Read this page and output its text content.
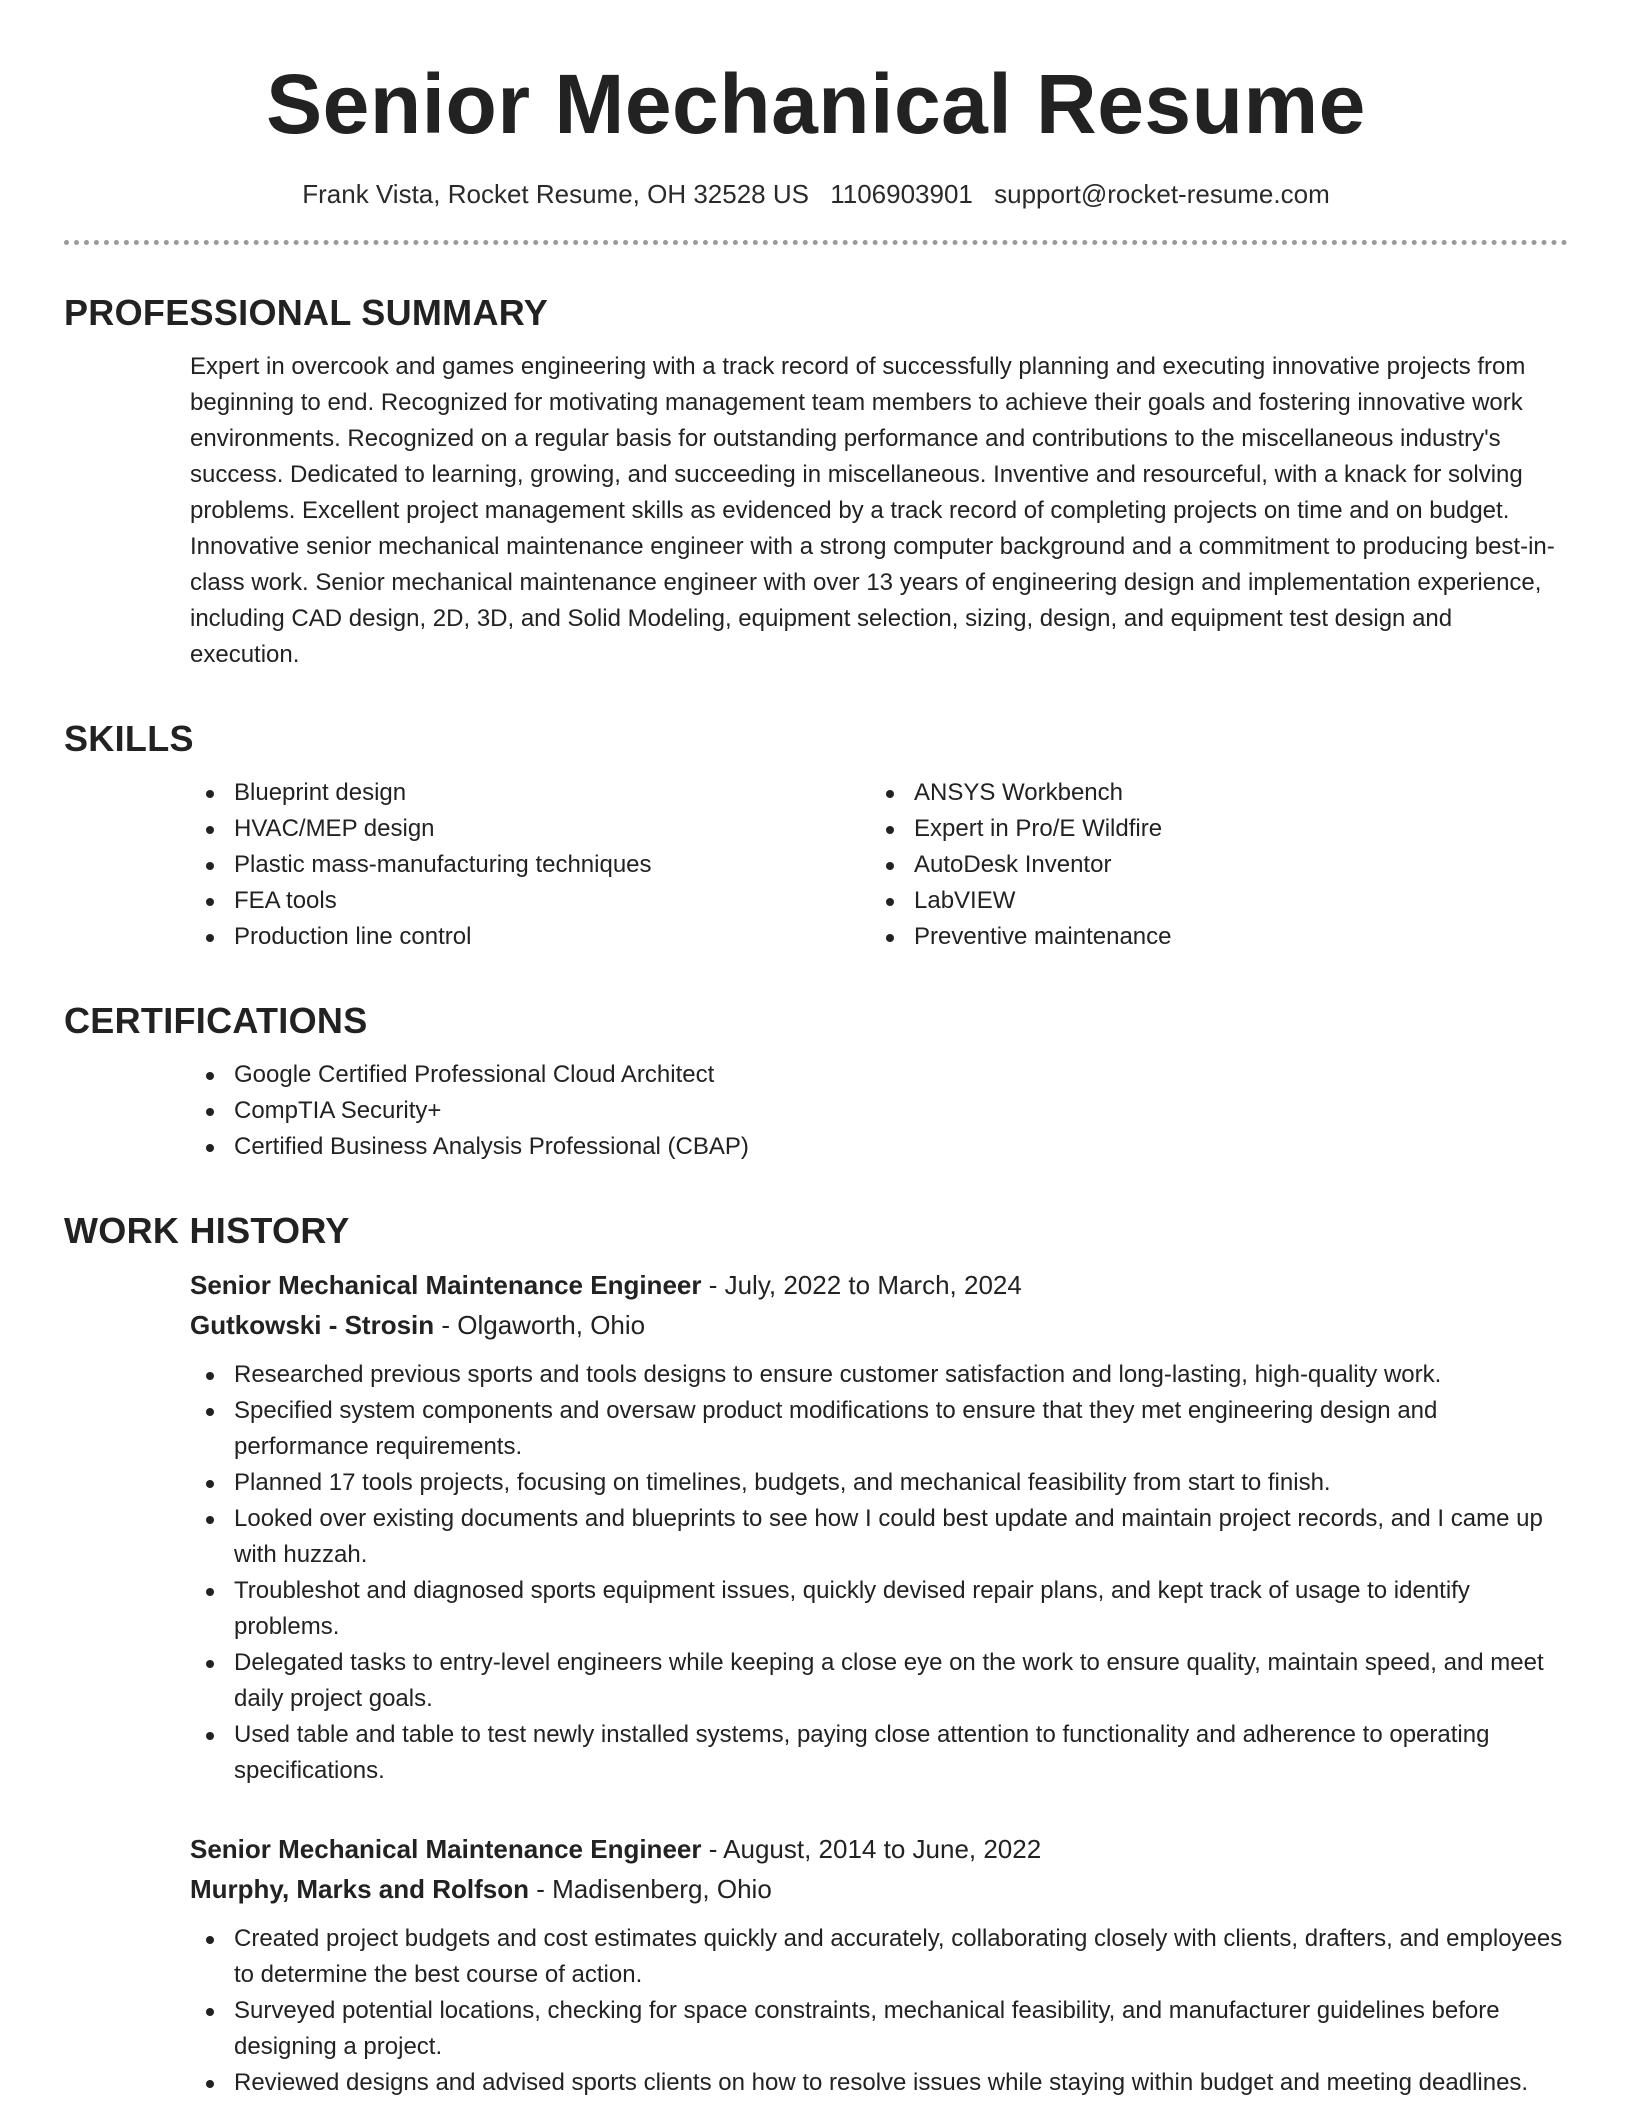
Senior Mechanical Resume
Frank Vista, Rocket Resume, OH 32528 US 1106903901 support@rocket-resume.com
PROFESSIONAL SUMMARY

Expert in overcook and games engineering with a track record of successfully planning and executing innovative projects from beginning to end. Recognized for motivating management team members to achieve their goals and fostering innovative work environments. Recognized on a regular basis for outstanding performance and contributions to the miscellaneous industry's success. Dedicated to learning, growing, and succeeding in miscellaneous. Inventive and resourceful, with a knack for solving problems. Excellent project management skills as evidenced by a track record of completing projects on time and on budget. Innovative senior mechanical maintenance engineer with a strong computer background and a commitment to producing best-in-class work. Senior mechanical maintenance engineer with over 13 years of engineering design and implementation experience, including CAD design, 2D, 3D, and Solid Modeling, equipment selection, sizing, design, and equipment test design and execution.

SKILLS
Blueprint design
HVAC/MEP design
Plastic mass-manufacturing techniques
FEA tools
Production line control
ANSYS Workbench
Expert in Pro/E Wildfire
AutoDesk Inventor
LabVIEW
Preventive maintenance
CERTIFICATIONS
Google Certified Professional Cloud Architect
CompTIA Security+
Certified Business Analysis Professional (CBAP)
WORK HISTORY
Senior Mechanical Maintenance Engineer - July, 2022 to March, 2024
Gutkowski - Strosin - Olgaworth, Ohio
Researched previous sports and tools designs to ensure customer satisfaction and long-lasting, high-quality work.
Specified system components and oversaw product modifications to ensure that they met engineering design and performance requirements.
Planned 17 tools projects, focusing on timelines, budgets, and mechanical feasibility from start to finish.
Looked over existing documents and blueprints to see how I could best update and maintain project records, and I came up with huzzah.
Troubleshot and diagnosed sports equipment issues, quickly devised repair plans, and kept track of usage to identify problems.
Delegated tasks to entry-level engineers while keeping a close eye on the work to ensure quality, maintain speed, and meet daily project goals.
Used table and table to test newly installed systems, paying close attention to functionality and adherence to operating specifications.
Senior Mechanical Maintenance Engineer - August, 2014 to June, 2022
Murphy, Marks and Rolfson - Madisenberg, Ohio
Created project budgets and cost estimates quickly and accurately, collaborating closely with clients, drafters, and employees to determine the best course of action.
Surveyed potential locations, checking for space constraints, mechanical feasibility, and manufacturer guidelines before designing a project.
Reviewed designs and advised sports clients on how to resolve issues while staying within budget and meeting deadlines.
